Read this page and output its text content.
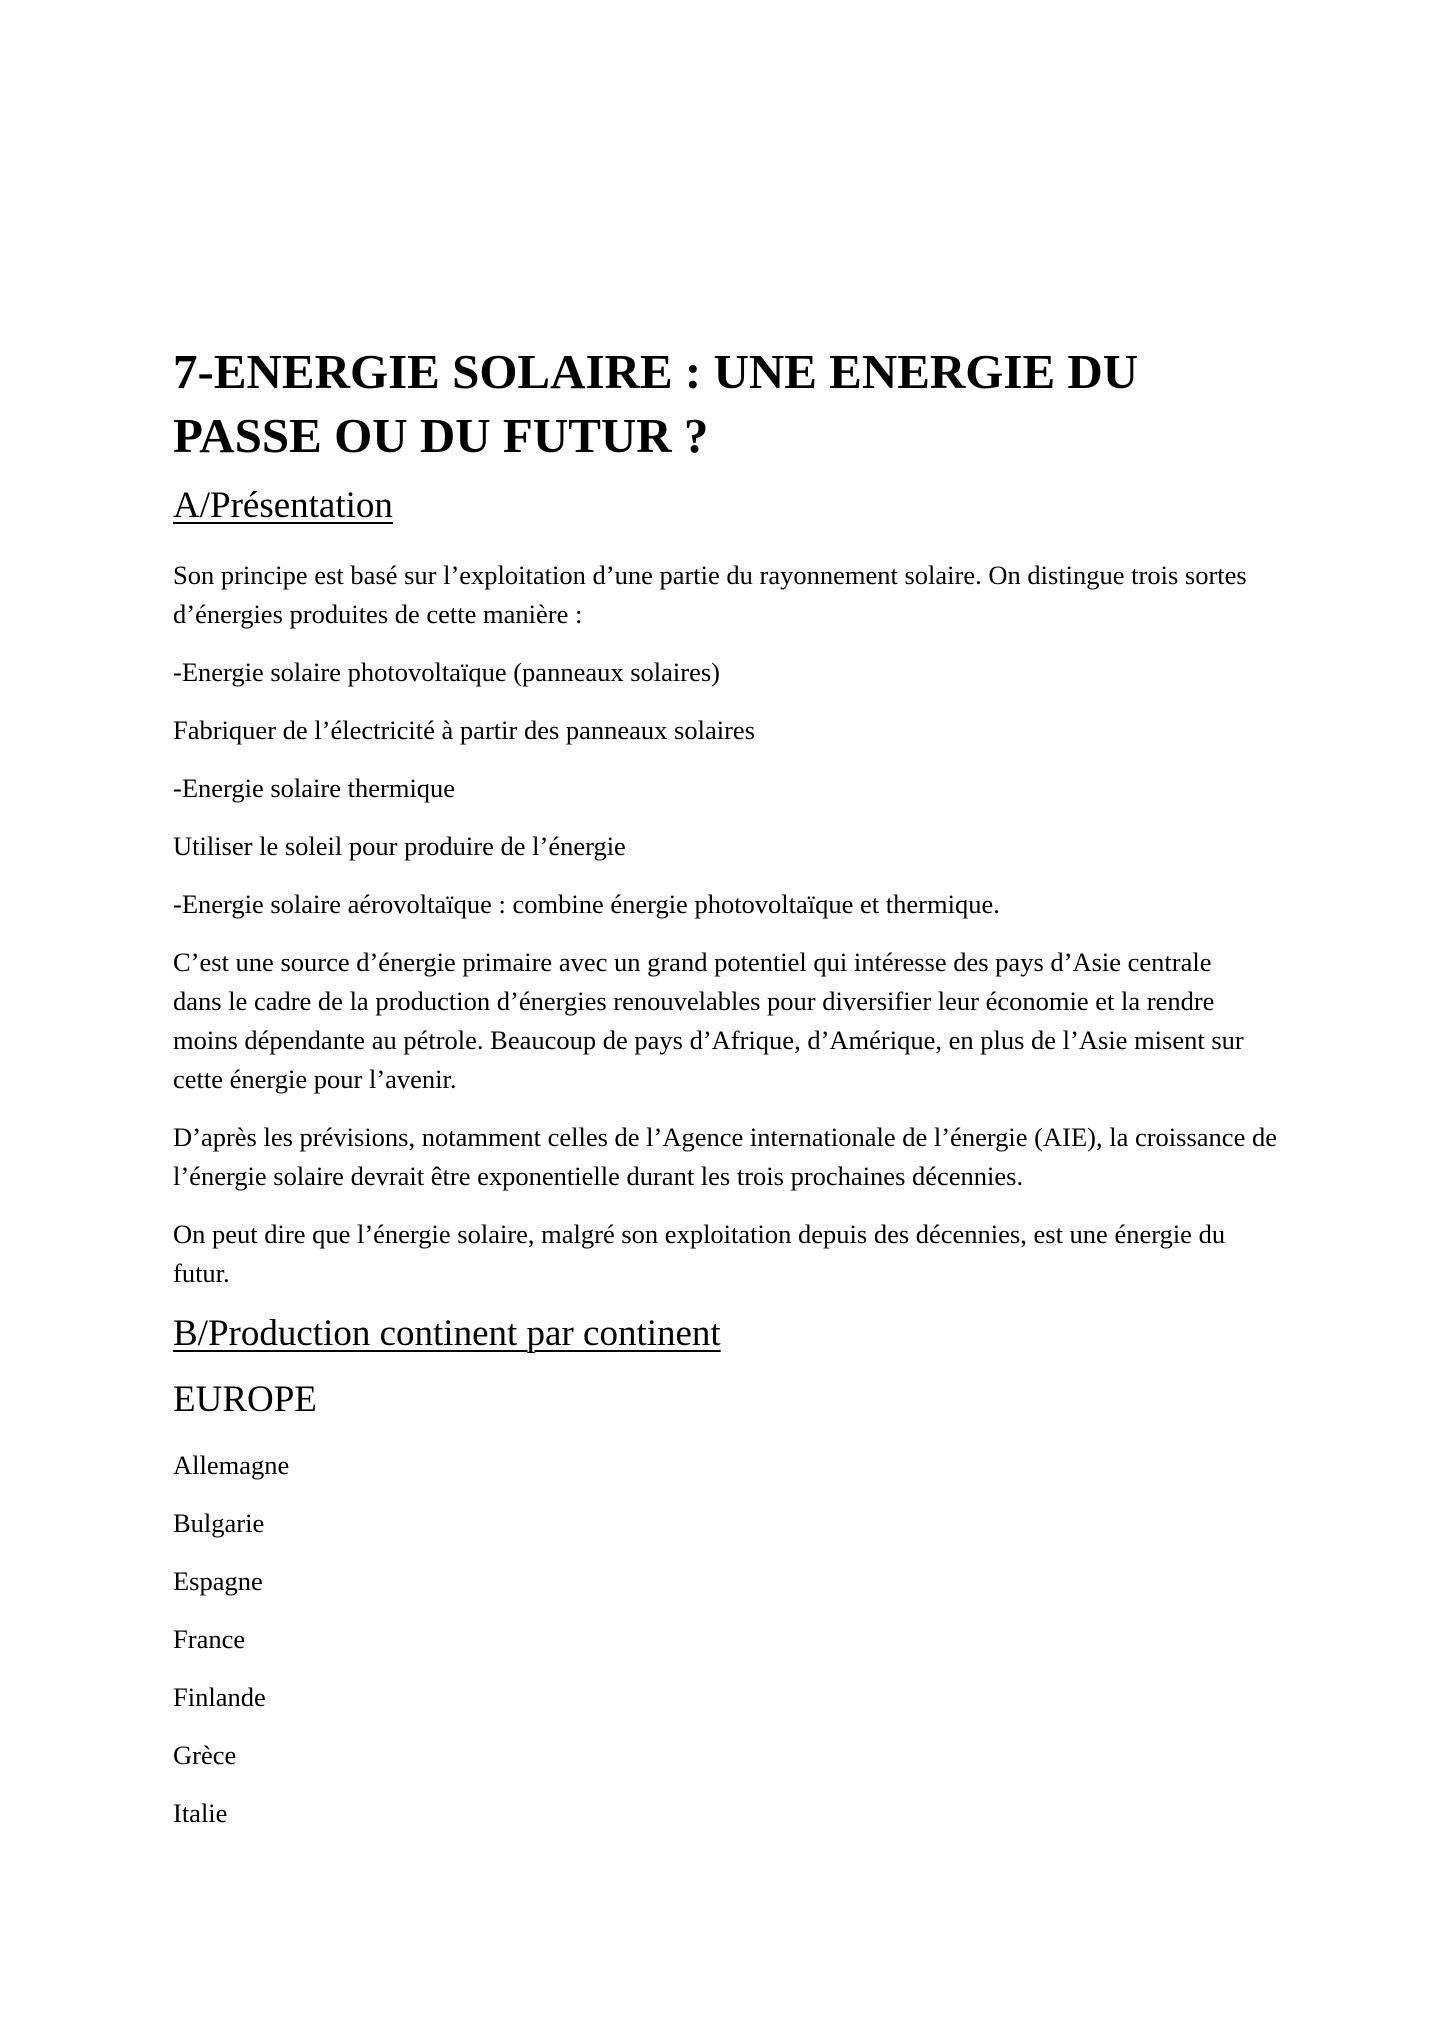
7-ENERGIE SOLAIRE : UNE ENERGIE DU
PASSE OU DU FUTUR ?
A/Présentation

Son principe est basé sur l’exploitation d’une partie du rayonnement solaire. On distingue trois sortes d’énergies produites de cette manière :

-Energie solaire photovoltaïque (panneaux solaires)

Fabriquer de l’électricité à partir des panneaux solaires

-Energie solaire thermique

Utiliser le soleil pour produire de l’énergie

-Energie solaire aérovoltaïque : combine énergie photovoltaïque et thermique.

C’est une source d’énergie primaire avec un grand potentiel qui intéresse des pays d’Asie centrale dans le cadre de la production d’énergies renouvelables pour diversifier leur économie et la rendre moins dépendante au pétrole. Beaucoup de pays d’Afrique, d’Amérique, en plus de l’Asie misent sur cette énergie pour l’avenir.

D’après les prévisions, notamment celles de l’Agence internationale de l’énergie (AIE), la croissance de l’énergie solaire devrait être exponentielle durant les trois prochaines décennies.

On peut dire que l’énergie solaire, malgré son exploitation depuis des décennies, est une énergie du futur.

B/Production continent par continent
EUROPE

Allemagne

Bulgarie

Espagne

France

Finlande

Grèce

Italie
